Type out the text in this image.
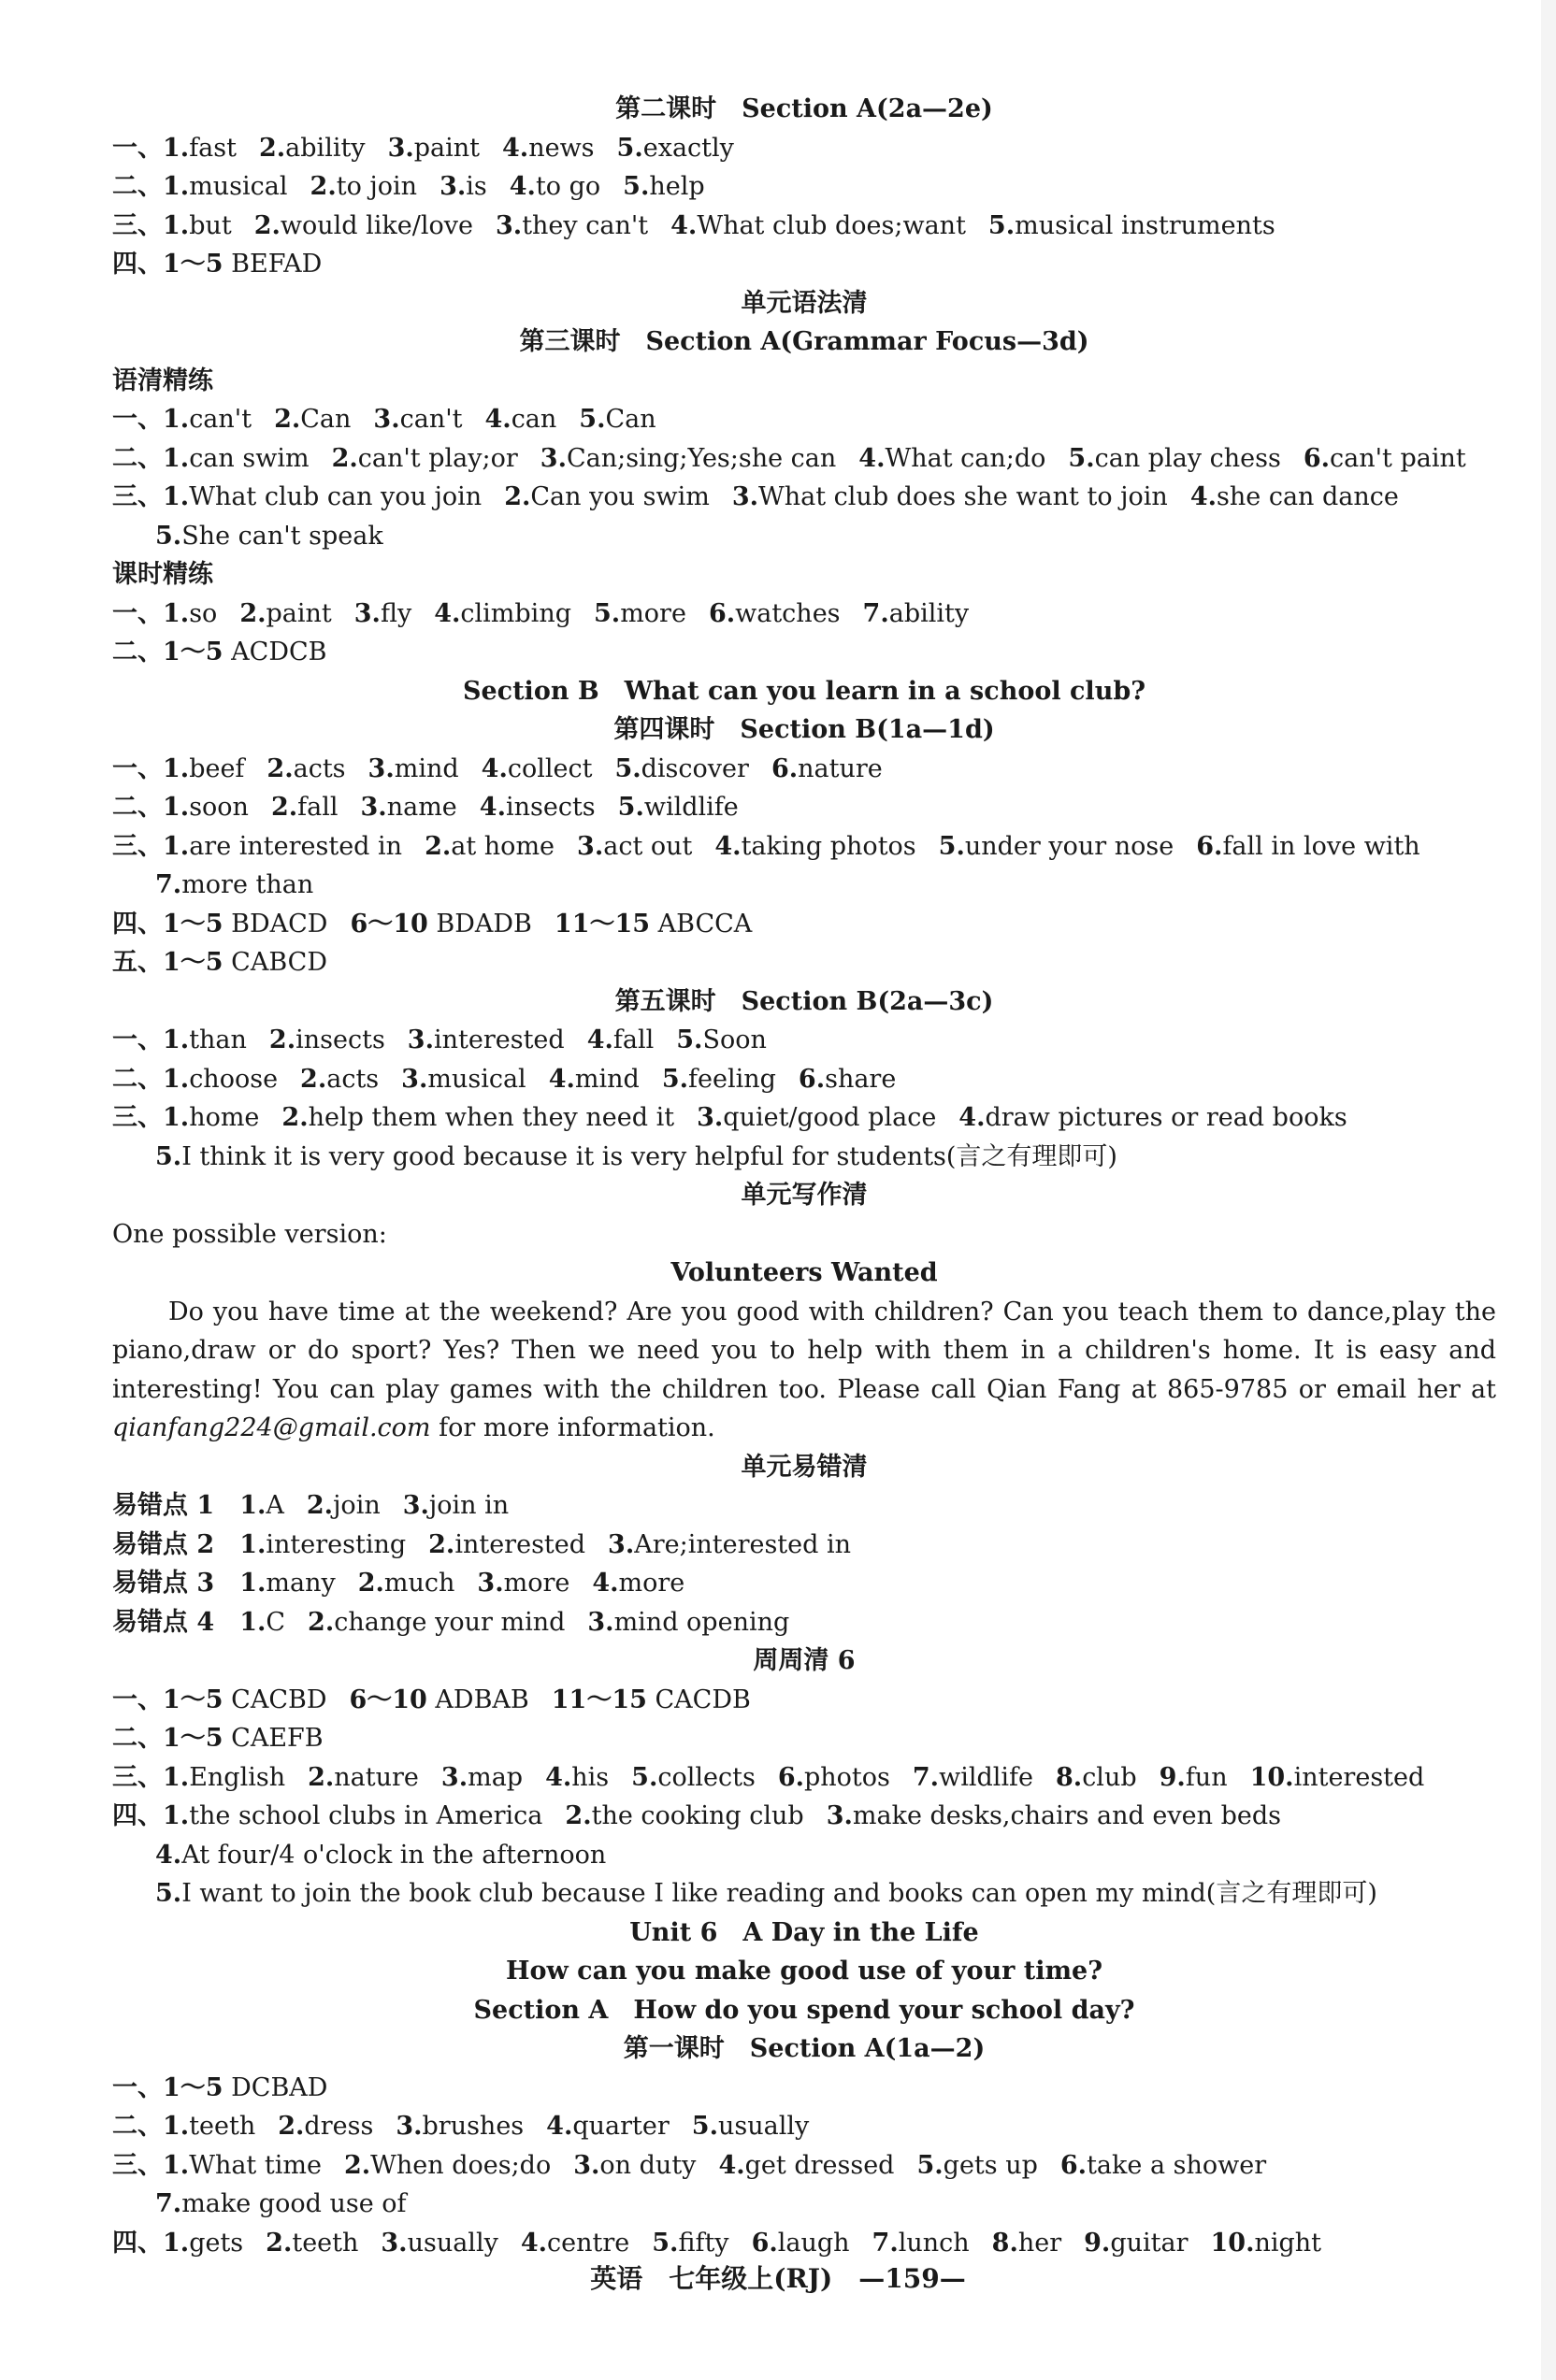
第二课时　Section A(2a—2e)
一、1.fast 2.ability 3.paint 4.news 5.exactly
二、1.musical 2.to join 3.is 4.to go 5.help
三、1.but 2.would like/love 3.they can't 4.What club does;want 5.musical instruments
四、1～5 BEFAD
单元语法清
第三课时　Section A(Grammar Focus—3d)
语清精练
一、1.can't 2.Can 3.can't 4.can 5.Can
二、1.can swim 2.can't play;or 3.Can;sing;Yes;she can 4.What can;do 5.can play chess 6.can't paint
三、1.What club can you join 2.Can you swim 3.What club does she want to join 4.she can dance
5.She can't speak
课时精练
一、1.so 2.paint 3.fly 4.climbing 5.more 6.watches 7.ability
二、1～5 ACDCB
Section B　What can you learn in a school club?
第四课时　Section B(1a—1d)
一、1.beef 2.acts 3.mind 4.collect 5.discover 6.nature
二、1.soon 2.fall 3.name 4.insects 5.wildlife
三、1.are interested in 2.at home 3.act out 4.taking photos 5.under your nose 6.fall in love with
7.more than
四、1～5 BDACD 6～10 BDADB 11～15 ABCCA
五、1～5 CABCD
第五课时　Section B(2a—3c)
一、1.than 2.insects 3.interested 4.fall 5.Soon
二、1.choose 2.acts 3.musical 4.mind 5.feeling 6.share
三、1.home 2.help them when they need it 3.quiet/good place 4.draw pictures or read books
5.I think it is very good because it is very helpful for students(言之有理即可)
单元写作清
One possible version:
Volunteers Wanted
Do you have time at the weekend? Are you good with children? Can you teach them to dance,play the piano,draw or do sport? Yes? Then we need you to help with them in a children's home. It is easy and interesting! You can play games with the children too. Please call Qian Fang at 865-9785 or email her at qianfang224@gmail.com for more information.
单元易错清
易错点 1　1.A 2.join 3.join in
易错点 2　1.interesting 2.interested 3.Are;interested in
易错点 3　1.many 2.much 3.more 4.more
易错点 4　1.C 2.change your mind 3.mind opening
周周清 6
一、1～5 CACBD 6～10 ADBAB 11～15 CACDB
二、1～5 CAEFB
三、1.English 2.nature 3.map 4.his 5.collects 6.photos 7.wildlife 8.club 9.fun 10.interested
四、1.the school clubs in America 2.the cooking club 3.make desks,chairs and even beds
4.At four/4 o'clock in the afternoon
5.I want to join the book club because I like reading and books can open my mind(言之有理即可)
Unit 6　A Day in the Life
How can you make good use of your time?
Section A　How do you spend your school day?
第一课时　Section A(1a—2)
一、1～5 DCBAD
二、1.teeth 2.dress 3.brushes 4.quarter 5.usually
三、1.What time 2.When does;do 3.on duty 4.get dressed 5.gets up 6.take a shower
7.make good use of
四、1.gets 2.teeth 3.usually 4.centre 5.fifty 6.laugh 7.lunch 8.her 9.guitar 10.night
英语　七年级上(RJ)　—159—
